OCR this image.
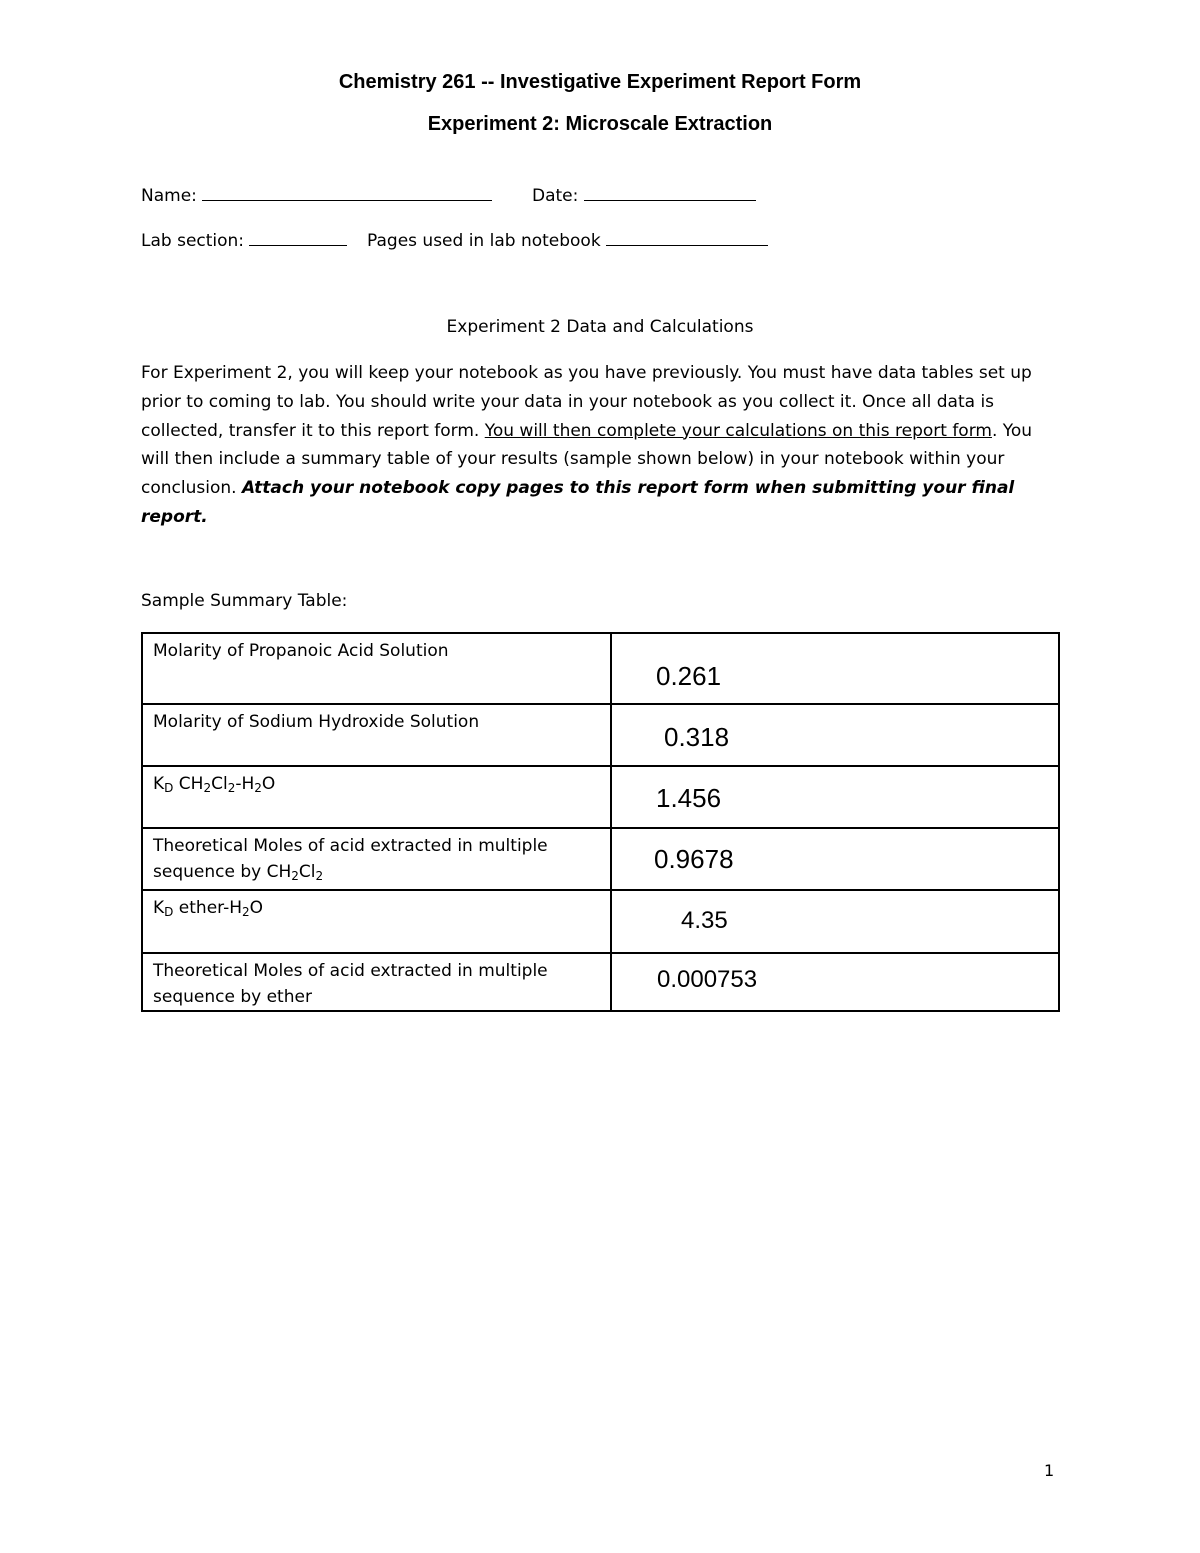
Chemistry 261 -- Investigative Experiment Report Form
Experiment 2: Microscale Extraction
Name:	Date:
Lab section:	Pages used in lab notebook
Experiment 2 Data and Calculations
For Experiment 2, you will keep your notebook as you have previously. You must have data tables set up prior to coming to lab. You should write your data in your notebook as you collect it. Once all data is collected, transfer it to this report form. You will then complete your calculations on this report form. You will then include a summary table of your results (sample shown below) in your notebook within your conclusion. Attach your notebook copy pages to this report form when submitting your final report.
Sample Summary Table:
Molarity of Propanoic Acid Solution	0.261

Molarity of Sodium Hydroxide Solution	0.318

$K_D$ $CH_2Cl_2-H_2O$	1.456

Theoretical Moles of acid extracted in multiple
sequence by $CH_2Cl_2$	0.9678

$K_D$ ether-$H_2O$	4.35

Theoretical Moles of acid extracted in multiple
sequence by ether	0.000753
1
